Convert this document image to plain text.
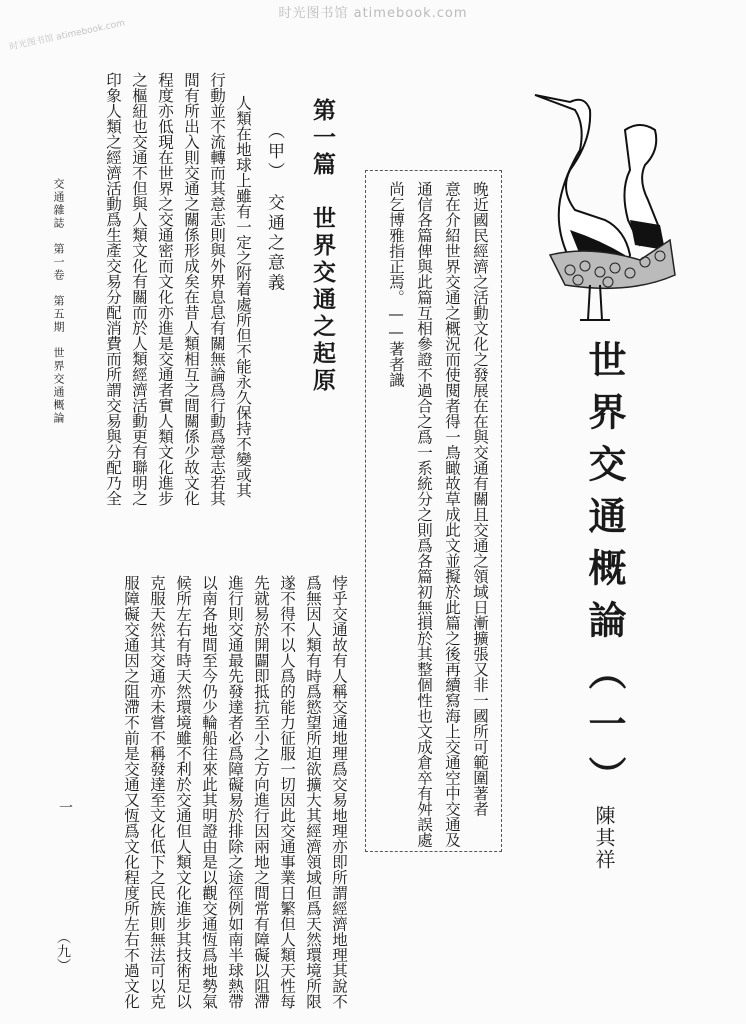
时光图书馆 atimebook.com
时光图书馆 atimebook.com
世界交通概論（一）
陳其祥
晚近國民經濟之活動文化之發展在在與交通有關且交通之領域日漸擴張又非一國所可範圍著者
意在介紹世界交通之概況而使閱者得一鳥瞰故草成此文並擬於此篇之後再續寫海上交通空中交通及
通信各篇俾與此篇互相參證不過合之爲一系統分之則爲各篇初無損於其整個性也文成倉卒有舛誤處
尚乞博雅指正焉。——著者識
第一篇　世界交通之起原
（甲）　交通之意義
悖乎交通故有人稱交通地理爲交易地理亦即所謂經濟地理其說不
爲無因人類有時爲慾望所迫欲擴大其經濟領域但爲天然環境所限
遂不得不以人爲的能力征服一切因此交通事業日繁但人類天性每
先就易於開闢即抵抗至小之方向進行因兩地之間常有障礙以阻滯
進行則交通最先發達者必爲障礙易於排除之途徑例如南半球熱帶
以南各地間至今仍少輪船往來此其明證由是以觀交通恆爲地勢氣
候所左右有時天然環境雖不利於交通但人類文化進步其技術足以
克服天然其交通亦未嘗不稱發達至文化低下之民族則無法可以克
服障礙交通因之阻滯不前是交通又恆爲文化程度所左右不過文化
人類在地球上雖有一定之附着處所但不能永久保持不變或其
行動並不流轉而其意志則與外界息息有關無論爲行動爲意志若其
間有所出入則交通之關係形成矣在昔人類相互之間關係少故文化
程度亦低現在世界之交通密而文化亦進是交通者實人類文化進步
之樞紐也交通不但與人類文化有關而於人類經濟活動更有聯明之
印象人類之經濟活動爲生產交易分配消費而所謂交易與分配乃全
交通雜誌　第一卷　第五期　世界交通概論
一
（九）
